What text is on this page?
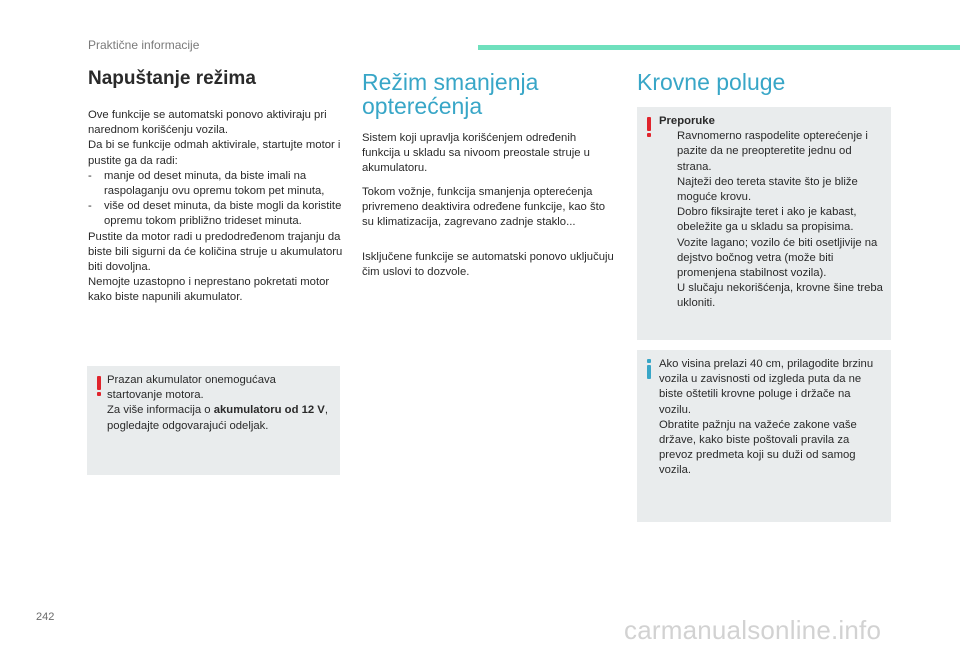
Praktične informacije
Napuštanje režima

Ove funkcije se automatski ponovo aktiviraju pri narednom korišćenju vozila.

Da bi se funkcije odmah aktivirale, startujte motor i pustite ga da radi:

- manje od deset minuta, da biste imali na raspolaganju ovu opremu tokom pet minuta,
- više od deset minuta, da biste mogli da koristite opremu tokom približno trideset minuta.

Pustite da motor radi u predodređenom trajanju da biste bili sigurni da će količina struje u akumulatoru biti dovoljna.

Nemojte uzastopno i neprestano pokretati motor kako biste napunili akumulator.

Prazan akumulator onemogućava startovanje motora.

Za više informacija o akumulatoru od 12 V, pogledajte odgovarajući odeljak.

Režim smanjenja opterećenja

Sistem koji upravlja korišćenjem određenih funkcija u skladu sa nivoom preostale struje u akumulatoru.

Tokom vožnje, funkcija smanjenja opterećenja privremeno deaktivira određene funkcije, kao što su klimatizacija, zagrevano zadnje staklo...

Isključene funkcije se automatski ponovo uključuju čim uslovi to dozvole.

Krovne poluge

Preporuke

Ravnomerno raspodelite opterećenje i pazite da ne preopteretite jednu od strana.
Najteži deo tereta stavite što je bliže moguće krovu.
Dobro fiksirajte teret i ako je kabast, obeležite ga u skladu sa propisima.
Vozite lagano; vozilo će biti osetljivije na dejstvo bočnog vetra (može biti promenjena stabilnost vozila).
U slučaju nekorišćenja, krovne šine treba ukloniti.

Ako visina prelazi 40 cm, prilagodite brzinu vozila u zavisnosti od izgleda puta da ne biste oštetili krovne poluge i držače na vozilu.

Obratite pažnju na važeće zakone vaše države, kako biste poštovali pravila za prevoz predmeta koji su duži od samog vozila.

242	carmanualsonline.info
